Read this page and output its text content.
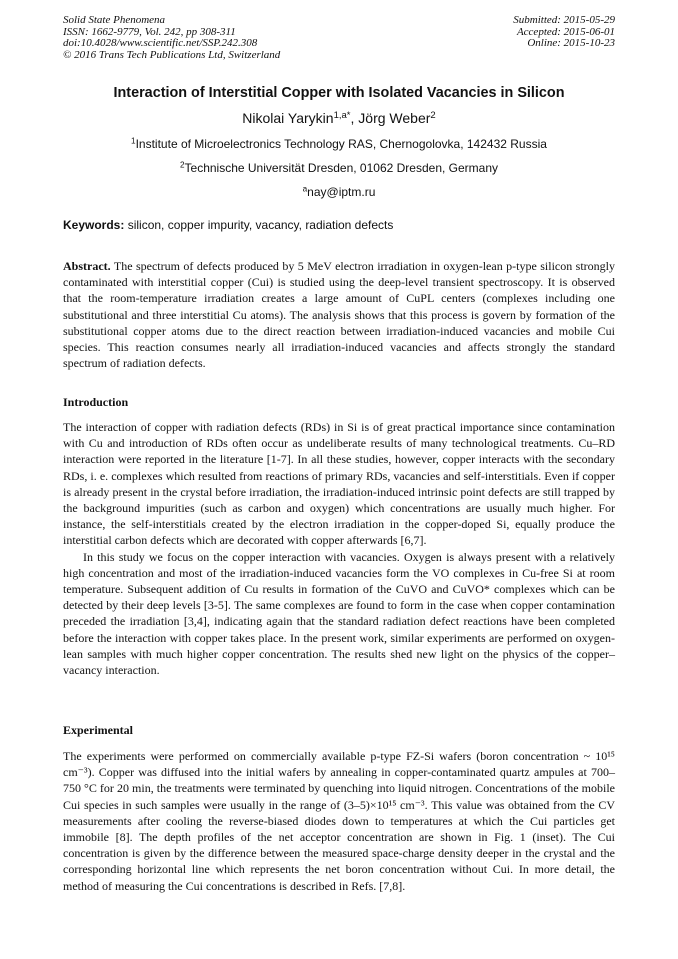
Solid State Phenomena
ISSN: 1662-9779, Vol. 242, pp 308-311
doi:10.4028/www.scientific.net/SSP.242.308
© 2016 Trans Tech Publications Ltd, Switzerland
Submitted: 2015-05-29
Accepted: 2015-06-01
Online: 2015-10-23
Interaction of Interstitial Copper with Isolated Vacancies in Silicon
Nikolai Yarykin$^{1,a*}$, Jörg Weber$^2$
$^1$Institute of Microelectronics Technology RAS, Chernogolovka, 142432 Russia
$^2$Technische Universität Dresden, 01062 Dresden, Germany
$^a$nay@iptm.ru
Keywords: silicon, copper impurity, vacancy, radiation defects

Abstract. The spectrum of defects produced by 5 MeV electron irradiation in oxygen-lean p-type silicon strongly contaminated with interstitial copper (Cui) is studied using the deep-level transient spectroscopy. It is observed that the room-temperature irradiation creates a large amount of CuPL centers (complexes including one substitutional and three interstitial Cu atoms). The analysis shows that this process is govern by formation of the substitutional copper atoms due to the direct reaction between irradiation-induced vacancies and mobile Cui species. This reaction consumes nearly all irradiation-induced vacancies and affects strongly the standard spectrum of radiation defects.

Introduction

The interaction of copper with radiation defects (RDs) in Si is of great practical importance since contamination with Cu and introduction of RDs often occur as undeliberate results of many technological treatments. Cu–RD interaction were reported in the literature [1-7]. In all these studies, however, copper interacts with the secondary RDs, i. e. complexes which resulted from reactions of primary RDs, vacancies and self-interstitials. Even if copper is already present in the crystal before irradiation, the irradiation-induced intrinsic point defects are still trapped by the background impurities (such as carbon and oxygen) which concentrations are usually much higher. For instance, the self-interstitials created by the electron irradiation in the copper-doped Si, equally produce the interstitial carbon defects which are decorated with copper afterwards [6,7].

In this study we focus on the copper interaction with vacancies. Oxygen is always present with a relatively high concentration and most of the irradiation-induced vacancies form the VO complexes in Cu-free Si at room temperature. Subsequent addition of Cu results in formation of the CuVO and CuVO* complexes which can be detected by their deep levels [3-5]. The same complexes are found to form in the case when copper contamination preceded the irradiation [3,4], indicating again that the standard radiation defect reactions have been completed before the interaction with copper takes place. In the present work, similar experiments are performed on oxygen-lean samples with much higher copper concentration. The results shed new light on the physics of the copper–vacancy interaction.

Experimental

The experiments were performed on commercially available p-type FZ-Si wafers (boron concentration ~ 10¹⁵ cm⁻³). Copper was diffused into the initial wafers by annealing in copper-contaminated quartz ampules at 700–750 °C for 20 min, the treatments were terminated by quenching into liquid nitrogen. Concentrations of the mobile Cui species in such samples were usually in the range of (3–5)×10¹⁵ cm⁻³. This value was obtained from the CV measurements after cooling the reverse-biased diodes down to temperatures at which the Cui particles get immobile [8]. The depth profiles of the net acceptor concentration are shown in Fig. 1 (inset). The Cui concentration is given by the difference between the measured space-charge density deeper in the crystal and the corresponding horizontal line which represents the net boron concentration without Cui. In more detail, the method of measuring the Cui concentrations is described in Refs. [7,8].
